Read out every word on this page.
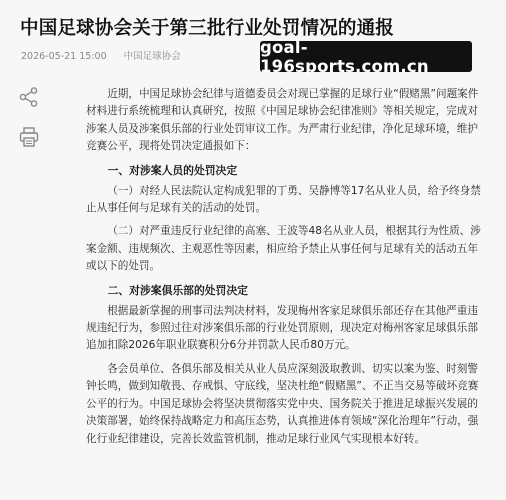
中国足球协会关于第三批行业处罚情况的通报
2026-05-21 15:00 中国足球协会	goal-196sports.com.cn

近期，中国足球协会纪律与道德委员会对现已掌握的足球行业“假赌黑”问题案件材料进行系统梳理和认真研究，按照《中国足球协会纪律准则》等相关规定，完成对涉案人员及涉案俱乐部的行业处罚审议工作。为严肃行业纪律，净化足球环境，维护竞赛公平，现将处罚决定通报如下：

一、对涉案人员的处罚决定

（一）对经人民法院认定构成犯罪的丁勇、吴静博等17名从业人员，给予终身禁止从事任何与足球有关的活动的处罚。

（二）对严重违反行业纪律的高塞、王波等48名从业人员，根据其行为性质、涉案金额、违规频次、主观恶性等因素，相应给予禁止从事任何与足球有关的活动五年或以下的处罚。

二、对涉案俱乐部的处罚决定

根据最新掌握的刑事司法判决材料，发现梅州客家足球俱乐部还存在其他严重违规违纪行为，参照过往对涉案俱乐部的行业处罚原则，现决定对梅州客家足球俱乐部追加扣除2026年职业联赛积分6分并罚款人民币80万元。

各会员单位、各俱乐部及相关从业人员应深刻汲取教训、切实以案为鉴、时刻警钟长鸣，做到知敬畏、存戒惧、守底线，坚决杜绝“假赌黑”、不正当交易等破坏竞赛公平的行为。中国足球协会将坚决贯彻落实党中央、国务院关于推进足球振兴发展的决策部署，始终保持战略定力和高压态势，认真推进体育领域“深化治理年”行动，强化行业纪律建设，完善长效监管机制，推动足球行业风气实现根本好转。
